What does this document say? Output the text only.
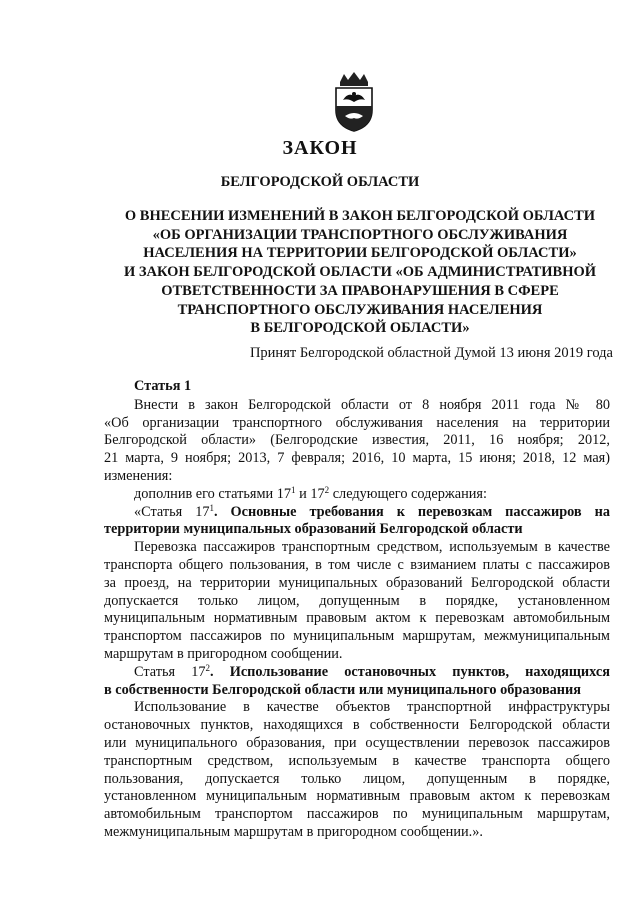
ЗАКОН
БЕЛГОРОДСКОЙ ОБЛАСТИ
О ВНЕСЕНИИ ИЗМЕНЕНИЙ В ЗАКОН БЕЛГОРОДСКОЙ ОБЛАСТИ
«ОБ ОРГАНИЗАЦИИ ТРАНСПОРТНОГО ОБСЛУЖИВАНИЯ
НАСЕЛЕНИЯ НА ТЕРРИТОРИИ БЕЛГОРОДСКОЙ ОБЛАСТИ»
И ЗАКОН БЕЛГОРОДСКОЙ ОБЛАСТИ «ОБ АДМИНИСТРАТИВНОЙ
ОТВЕТСТВЕННОСТИ ЗА ПРАВОНАРУШЕНИЯ В СФЕРЕ
ТРАНСПОРТНОГО ОБСЛУЖИВАНИЯ НАСЕЛЕНИЯ
В БЕЛГОРОДСКОЙ ОБЛАСТИ»
Принят Белгородской областной Думой 13 июня 2019 года
Статья 1
Внести в закон Белгородской области от 8 ноября 2011 года № 80
«Об организации транспортного обслуживания населения на территории
Белгородской области» (Белгородские известия, 2011, 16 ноября; 2012,
21 марта, 9 ноября; 2013, 7 февраля; 2016, 10 марта, 15 июня; 2018, 12 мая)
изменения:
дополнив его статьями $17^1$ и $17^2$ следующего содержания:
«Статья $17^1$. Основные требования к перевозкам пассажиров на
территории муниципальных образований Белгородской области
Перевозка пассажиров транспортным средством, используемым в качестве
транспорта общего пользования, в том числе с взиманием платы с пассажиров
за проезд, на территории муниципальных образований Белгородской области
допускается только лицом, допущенным в порядке, установленном
муниципальным нормативным правовым актом к перевозкам автомобильным
транспортом пассажиров по муниципальным маршрутам, межмуниципальным
маршрутам в пригородном сообщении.
Статья $17^2$. Использование остановочных пунктов, находящихся
в собственности Белгородской области или муниципального образования
Использование в качестве объектов транспортной инфраструктуры
остановочных пунктов, находящихся в собственности Белгородской области
или муниципального образования, при осуществлении перевозок пассажиров
транспортным средством, используемым в качестве транспорта общего
пользования, допускается только лицом, допущенным в порядке,
установленном муниципальным нормативным правовым актом к перевозкам
автомобильным транспортом пассажиров по муниципальным маршрутам,
межмуниципальным маршрутам в пригородном сообщении.».
